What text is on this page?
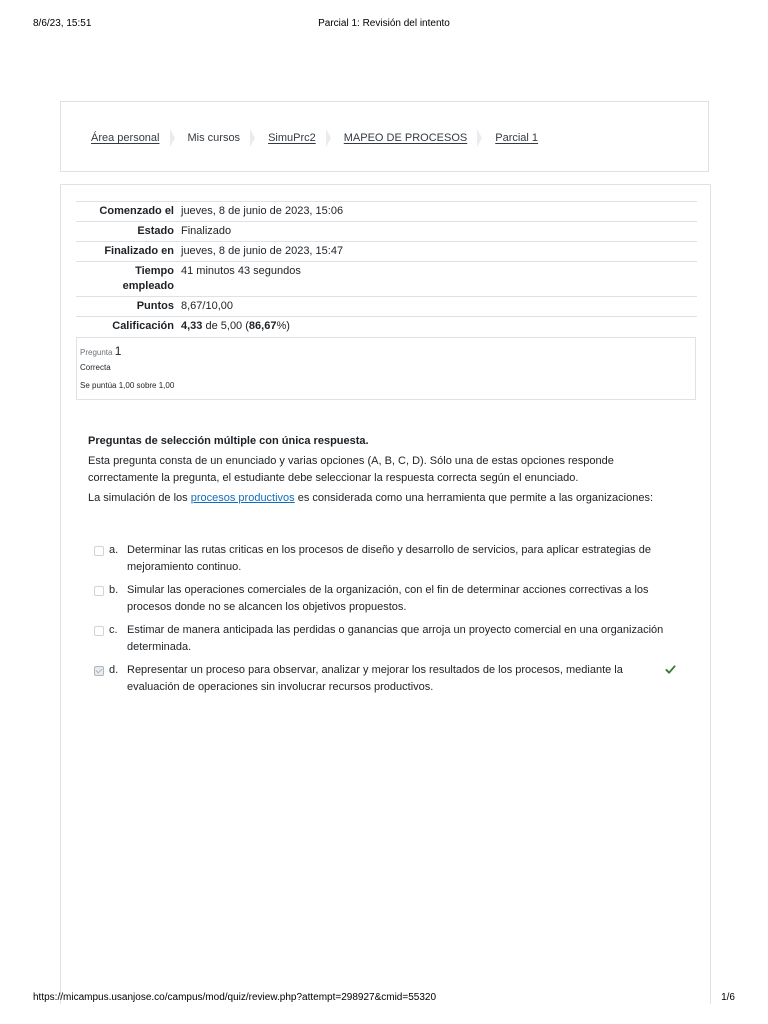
8/6/23, 15:51	Parcial 1: Revisión del intento
Área personal	Mis cursos	SimuPrc2	MAPEO DE PROCESOS	Parcial 1
Comenzado el	jueves, 8 de junio de 2023, 15:06
Estado	Finalizado
Finalizado en	jueves, 8 de junio de 2023, 15:47
Tiempo
empleado	41 minutos 43 segundos
Puntos	8,67/10,00
Calificación	4,33 de 5,00 (86,67%)
Pregunta 1
Correcta
Se puntúa 1,00 sobre 1,00

Preguntas de selección múltiple con única respuesta.

Esta pregunta consta de un enunciado y varias opciones (A, B, C, D). Sólo una de estas opciones responde correctamente la pregunta, el estudiante debe seleccionar la respuesta correcta según el enunciado.

La simulación de los procesos productivos es considerada como una herramienta que permite a las organizaciones:

a. Determinar las rutas criticas en los procesos de diseño y desarrollo de servicios, para aplicar estrategias de mejoramiento continuo.
b. Simular las operaciones comerciales de la organización, con el fin de determinar acciones correctivas a los procesos donde no se alcancen los objetivos propuestos.
c. Estimar de manera anticipada las perdidas o ganancias que arroja un proyecto comercial en una organización determinada.
d. Representar un proceso para observar, analizar y mejorar los resultados de los procesos, mediante la evaluación de operaciones sin involucrar recursos productivos.
https://micampus.usanjose.co/campus/mod/quiz/review.php?attempt=298927&cmid=55320	1/6
